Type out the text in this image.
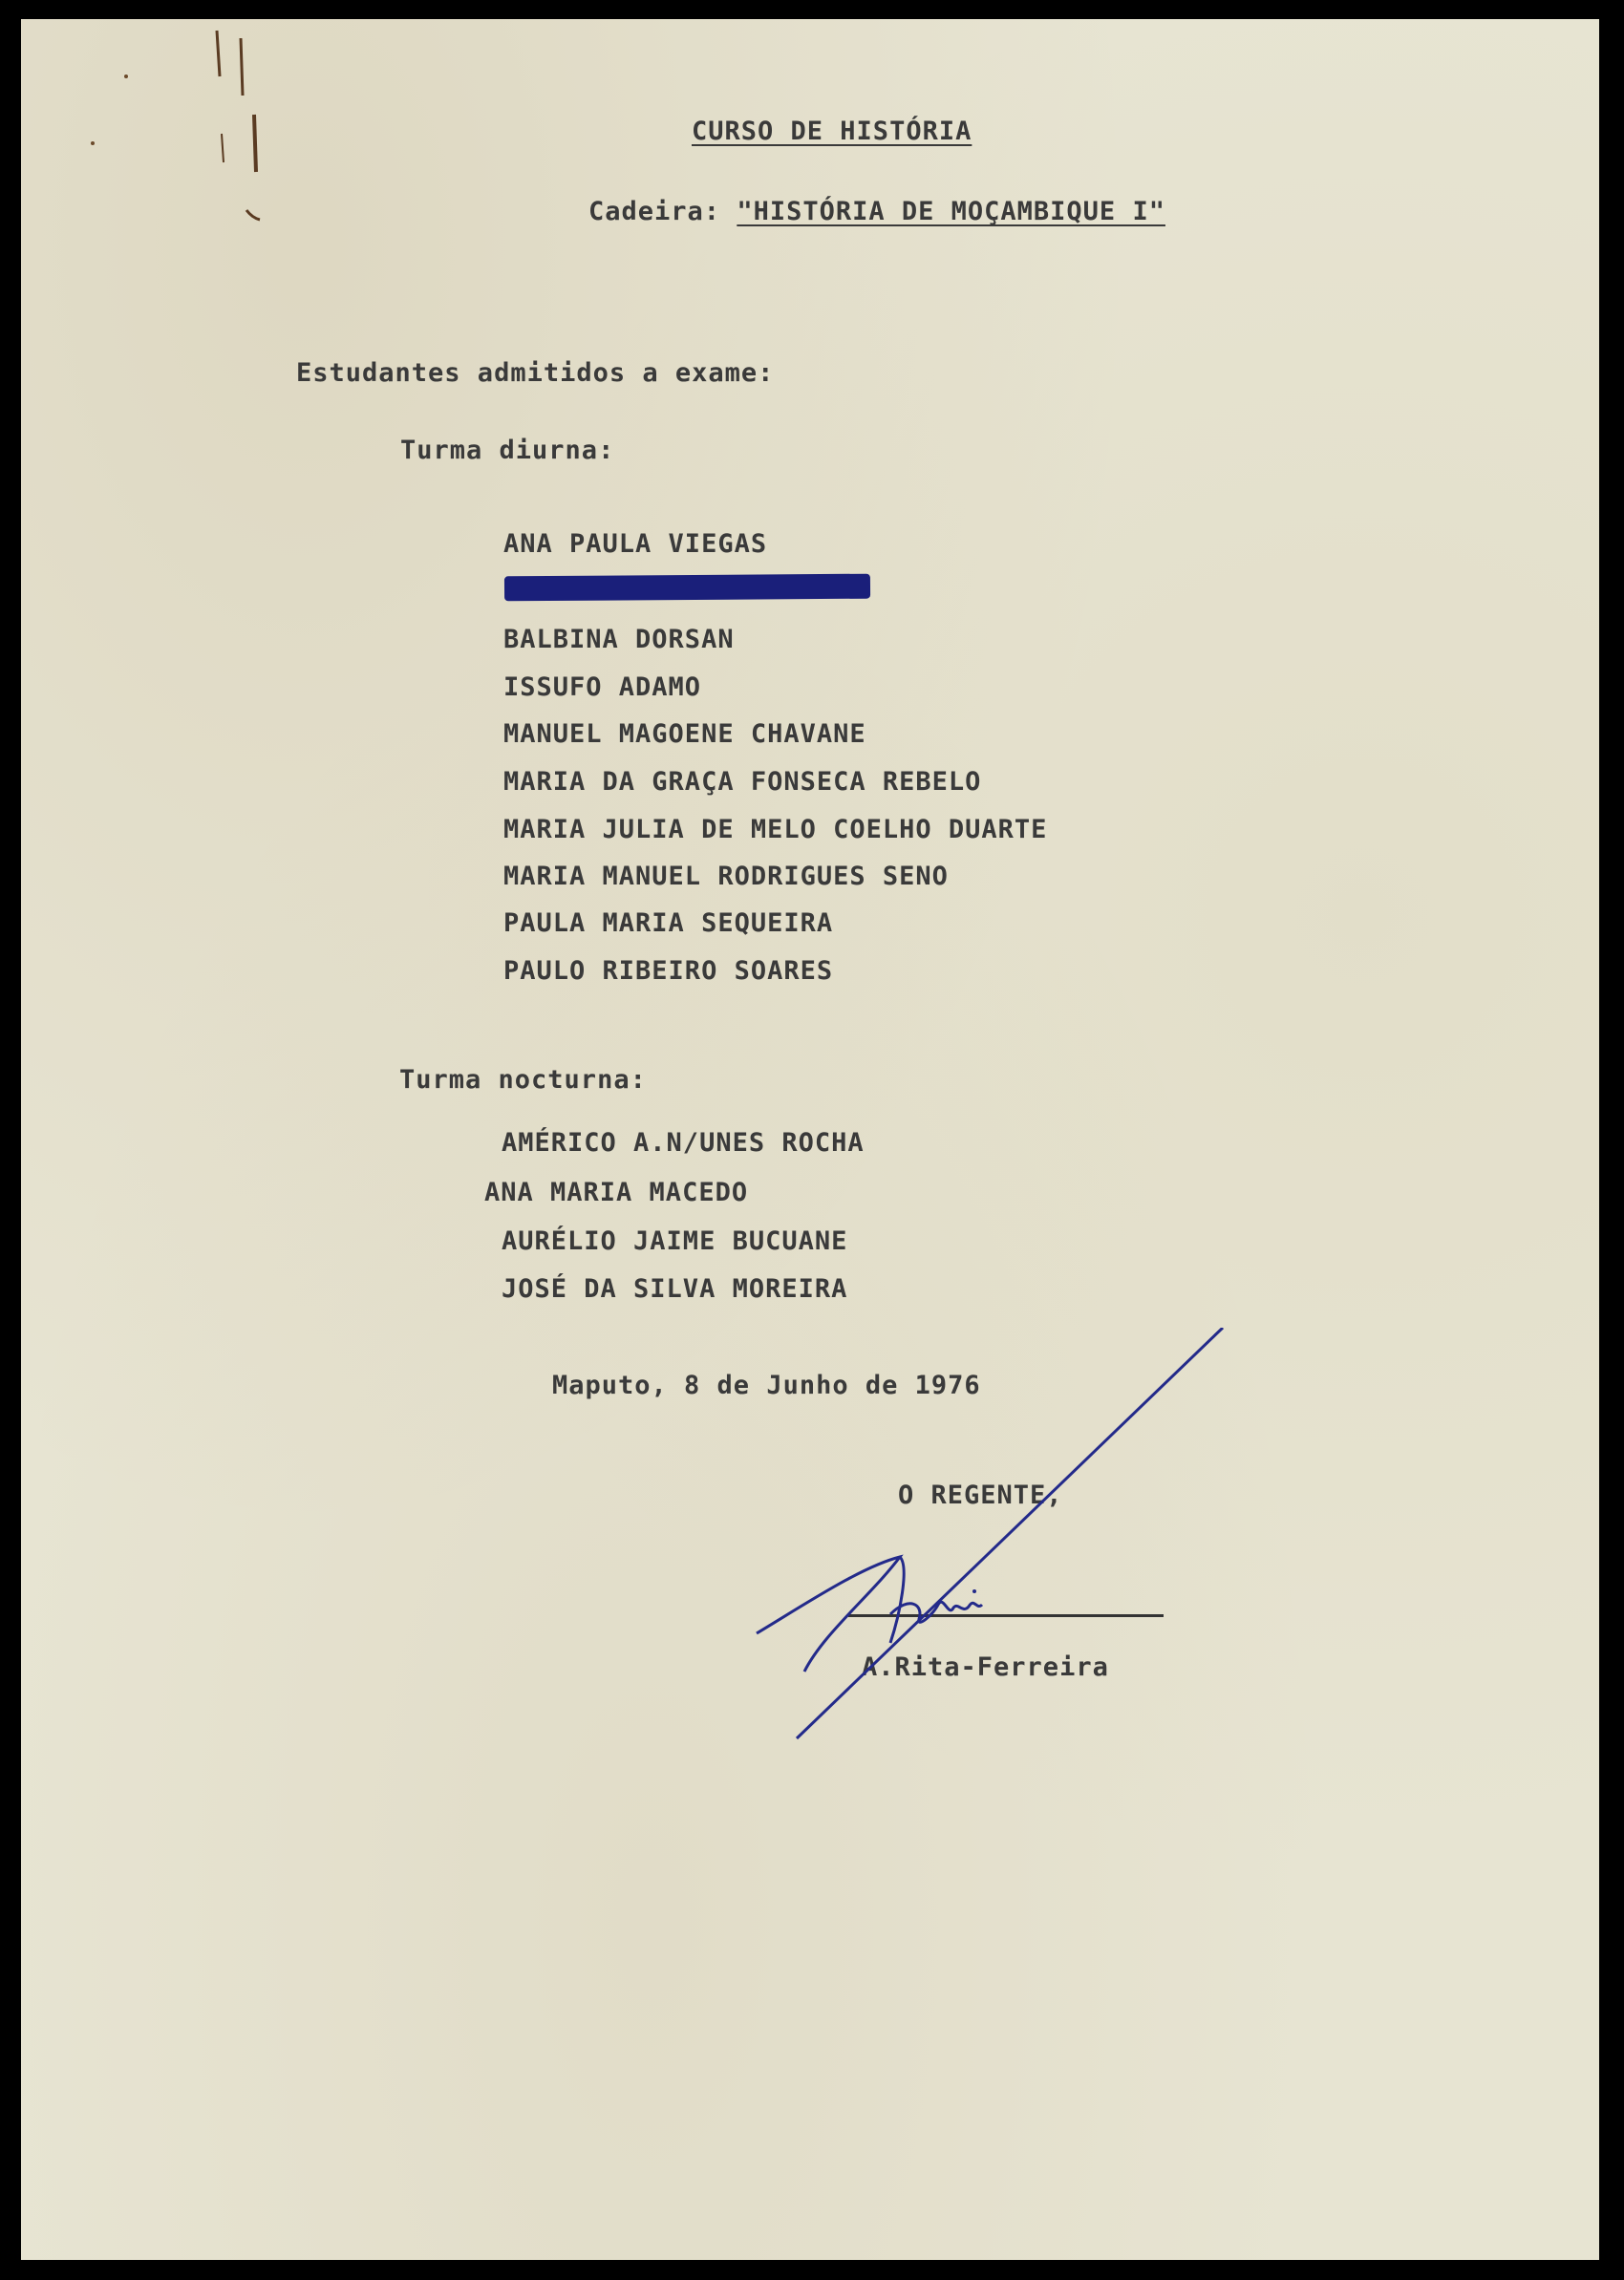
CURSO DE HISTÓRIA
Cadeira: "HISTÓRIA DE MOÇAMBIQUE I"
Estudantes admitidos a exame:
Turma diurna:
ANA PAULA VIEGAS
BALBINA DORSAN
ISSUFO ADAMO
MANUEL MAGOENE CHAVANE
MARIA DA GRAÇA FONSECA REBELO
MARIA JULIA DE MELO COELHO DUARTE
MARIA MANUEL RODRIGUES SENO
PAULA MARIA SEQUEIRA
PAULO RIBEIRO SOARES
Turma nocturna:
AMÉRICO A.N/UNES ROCHA
ANA MARIA MACEDO
AURÉLIO JAIME BUCUANE
JOSÉ DA SILVA MOREIRA
Maputo, 8 de Junho de 1976
O REGENTE,
A.Rita-Ferreira
